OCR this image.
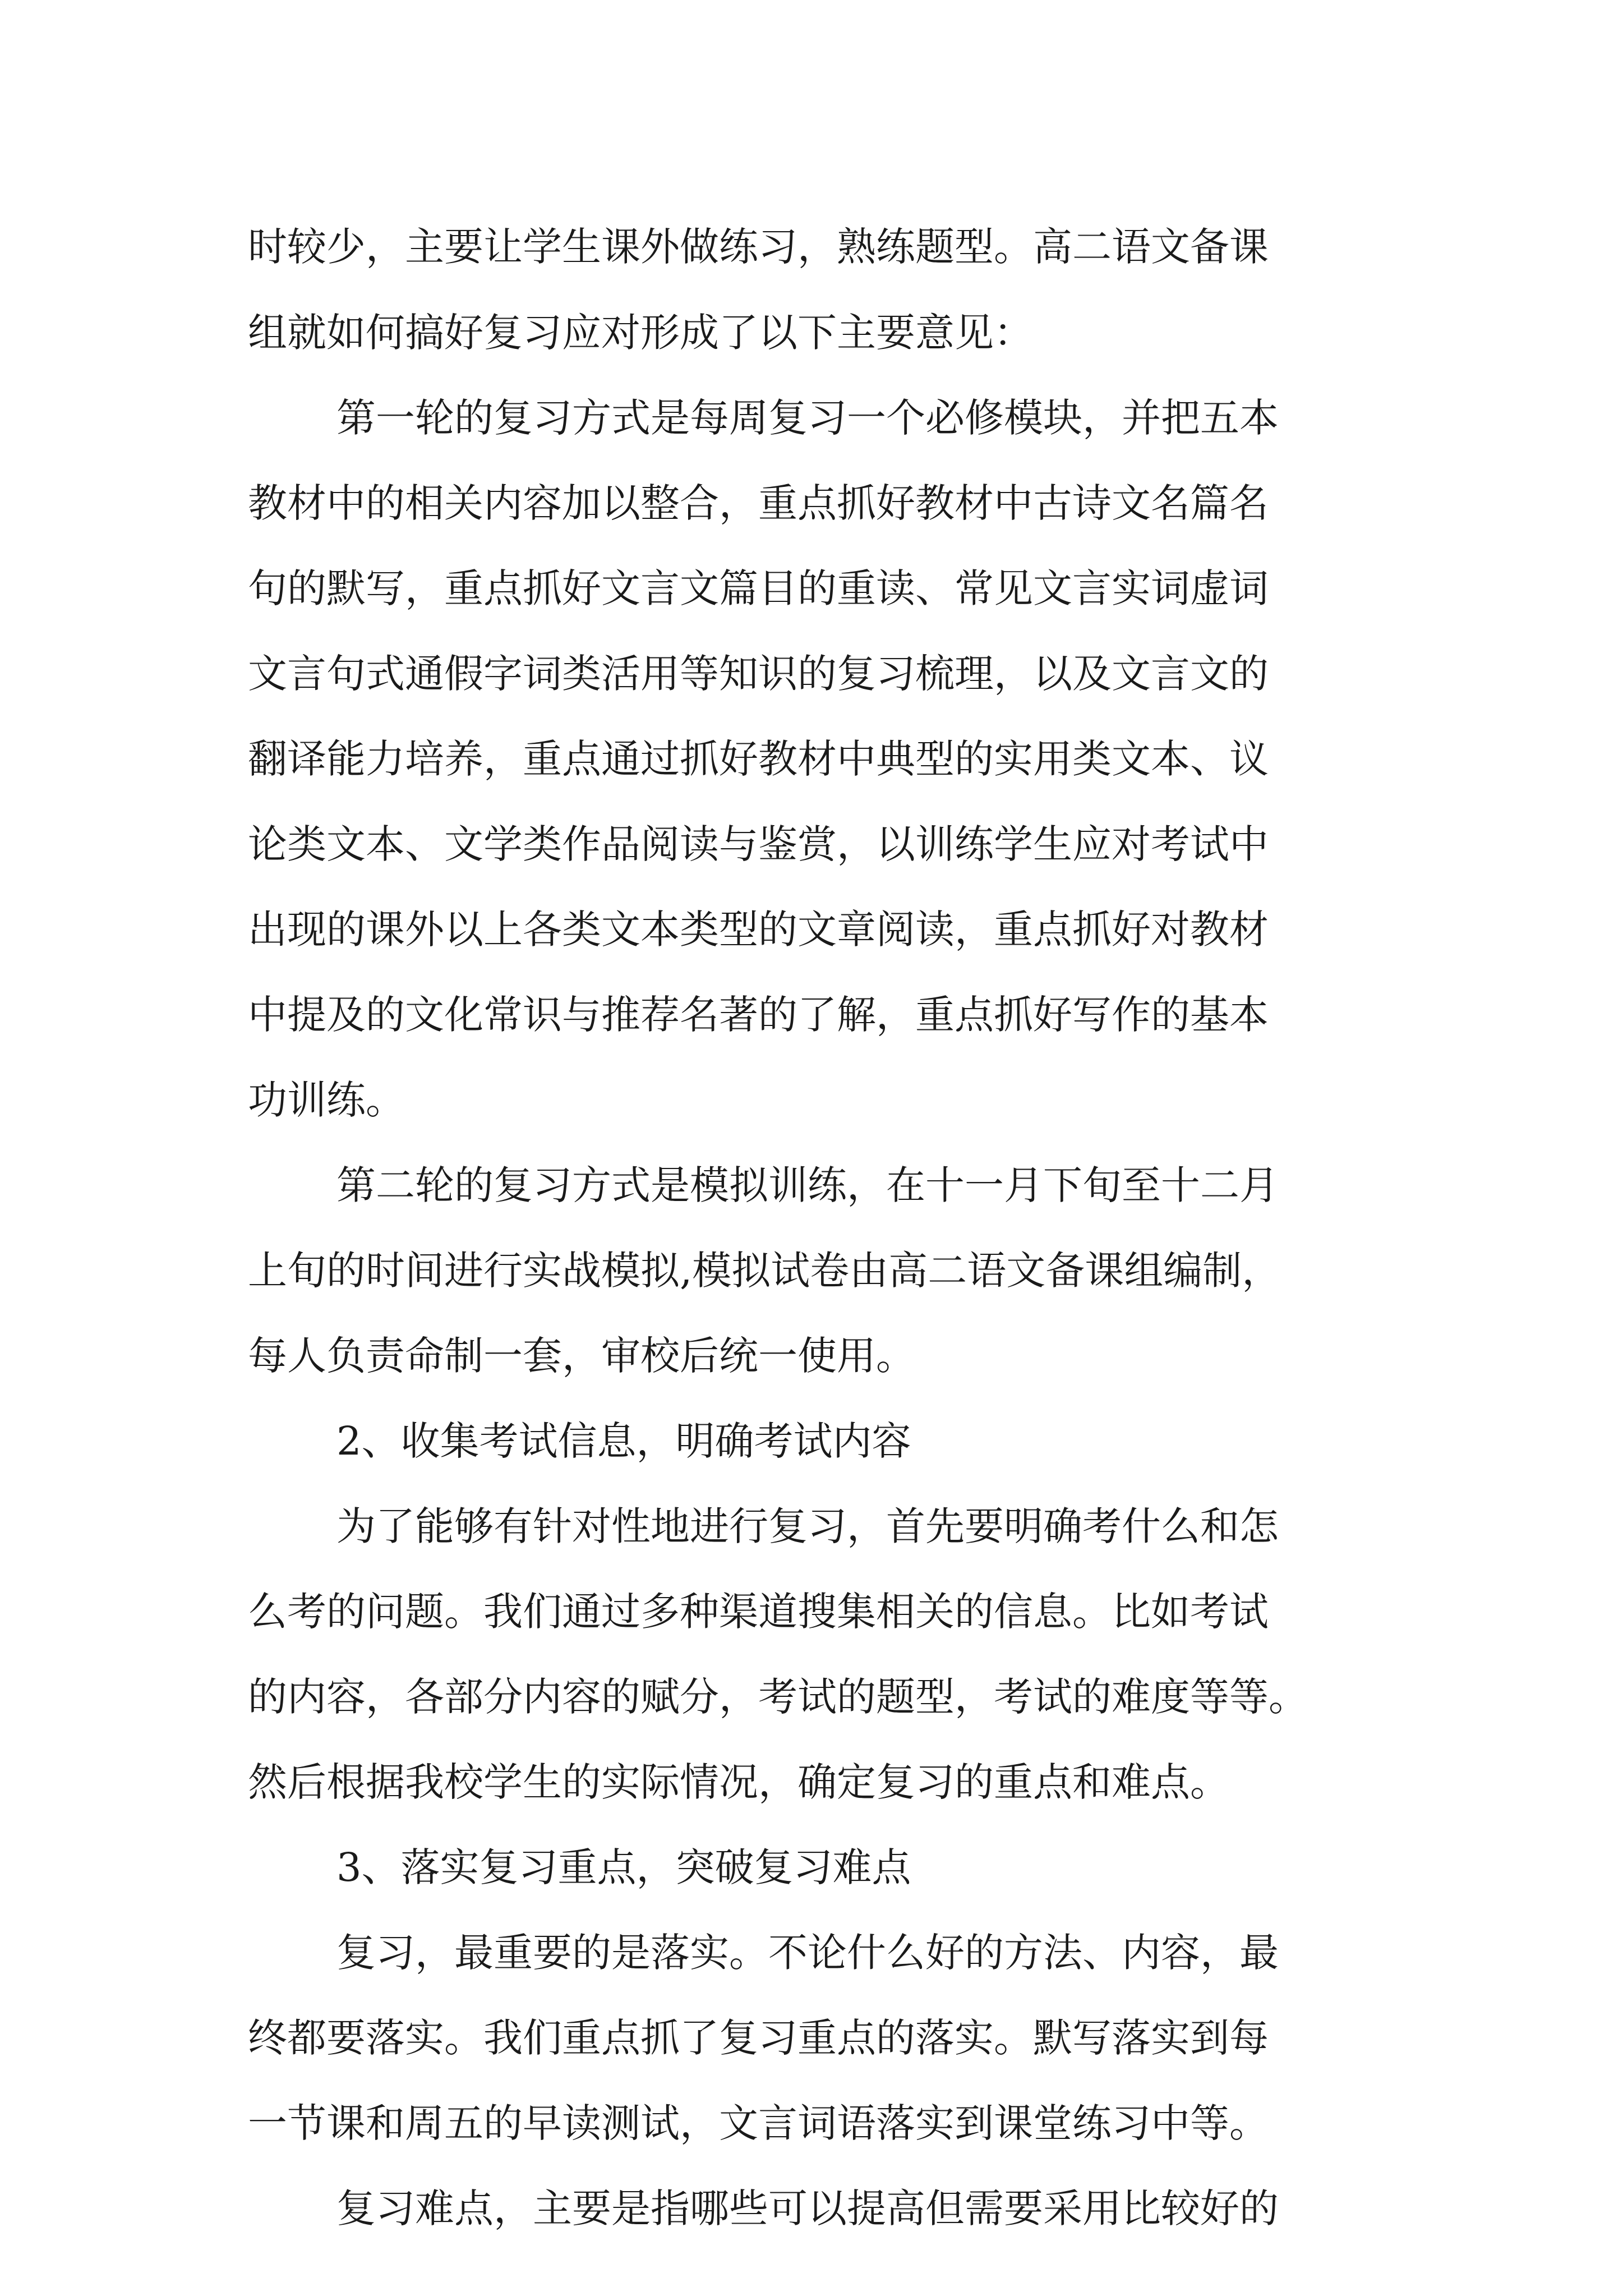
时较少，主要让学生课外做练习，熟练题型。高二语文备课
组就如何搞好复习应对形成了以下主要意见：
第一轮的复习方式是每周复习一个必修模块，并把五本
教材中的相关内容加以整合，重点抓好教材中古诗文名篇名
句的默写，重点抓好文言文篇目的重读、常见文言实词虚词
文言句式通假字词类活用等知识的复习梳理，以及文言文的
翻译能力培养，重点通过抓好教材中典型的实用类文本、议
论类文本、文学类作品阅读与鉴赏，以训练学生应对考试中
出现的课外以上各类文本类型的文章阅读，重点抓好对教材
中提及的文化常识与推荐名著的了解，重点抓好写作的基本
功训练。
第二轮的复习方式是模拟训练，在十一月下旬至十二月
上旬的时间进行实战模拟,模拟试卷由高二语文备课组编制，
每人负责命制一套，审校后统一使用。
2、收集考试信息，明确考试内容
为了能够有针对性地进行复习，首先要明确考什么和怎
么考的问题。我们通过多种渠道搜集相关的信息。比如考试
的内容，各部分内容的赋分，考试的题型，考试的难度等等。
然后根据我校学生的实际情况，确定复习的重点和难点。
3、落实复习重点，突破复习难点
复习，最重要的是落实。不论什么好的方法、内容，最
终都要落实。我们重点抓了复习重点的落实。默写落实到每
一节课和周五的早读测试，文言词语落实到课堂练习中等。
复习难点，主要是指哪些可以提高但需要采用比较好的
